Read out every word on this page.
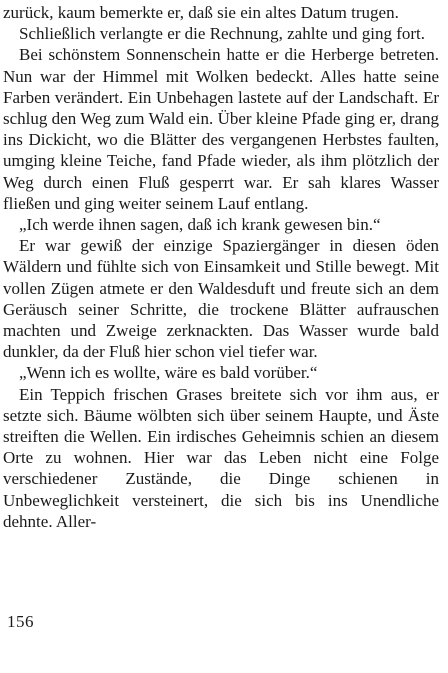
zurück, kaum bemerkte er, daß sie ein altes Datum trugen.

Schließlich verlangte er die Rechnung, zahlte und ging fort.

Bei schönstem Sonnenschein hatte er die Herberge betreten. Nun war der Himmel mit Wolken bedeckt. Alles hatte seine Farben verändert. Ein Unbehagen lastete auf der Landschaft. Er schlug den Weg zum Wald ein. Über kleine Pfade ging er, drang ins Dickicht, wo die Blätter des vergangenen Herbstes faulten, umging kleine Teiche, fand Pfade wieder, als ihm plötzlich der Weg durch einen Fluß gesperrt war. Er sah klares Wasser fließen und ging weiter seinem Lauf entlang.

„Ich werde ihnen sagen, daß ich krank gewesen bin.“

Er war gewiß der einzige Spaziergänger in diesen öden Wäldern und fühlte sich von Einsamkeit und Stille bewegt. Mit vollen Zügen atmete er den Waldesduft und freute sich an dem Geräusch seiner Schritte, die trockene Blätter aufrauschen machten und Zweige zerknackten. Das Wasser wurde bald dunkler, da der Fluß hier schon viel tiefer war.

„Wenn ich es wollte, wäre es bald vorüber.“

Ein Teppich frischen Grases breitete sich vor ihm aus, er setzte sich. Bäume wölbten sich über seinem Haupte, und Äste streiften die Wellen. Ein irdisches Geheimnis schien an diesem Orte zu wohnen. Hier war das Leben nicht eine Folge verschiedener Zustände, die Dinge schienen in Unbeweglichkeit versteinert, die sich bis ins Unendliche dehnte. Aller-

156
